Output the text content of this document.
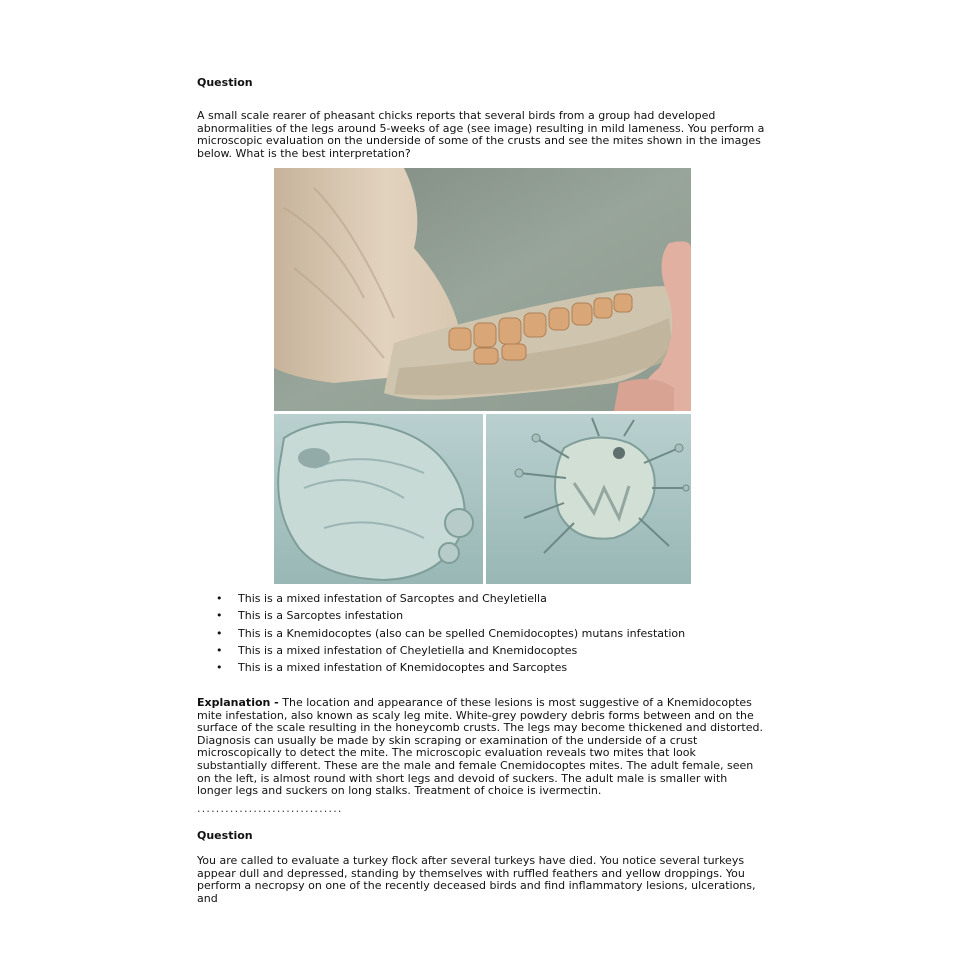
Question
A small scale rearer of pheasant chicks reports that several birds from a group had developed abnormalities of the legs around 5-weeks of age (see image) resulting in mild lameness. You perform a microscopic evaluation on the underside of some of the crusts and see the mites shown in the images below. What is the best interpretation?
• This is a mixed infestation of Sarcoptes and Cheyletiella
• This is a Sarcoptes infestation
• This is a Knemidocoptes (also can be spelled Cnemidocoptes) mutans infestation
• This is a mixed infestation of Cheyletiella and Knemidocoptes
• This is a mixed infestation of Knemidocoptes and Sarcoptes
Explanation - The location and appearance of these lesions is most suggestive of a Knemidocoptes mite infestation, also known as scaly leg mite. White-grey powdery debris forms between and on the surface of the scale resulting in the honeycomb crusts. The legs may become thickened and distorted. Diagnosis can usually be made by skin scraping or examination of the underside of a crust microscopically to detect the mite. The microscopic evaluation reveals two mites that look substantially different. These are the male and female Cnemidocoptes mites. The adult female, seen on the left, is almost round with short legs and devoid of suckers. The adult male is smaller with longer legs and suckers on long stalks. Treatment of choice is ivermectin.
...............................
Question
You are called to evaluate a turkey flock after several turkeys have died. You notice several turkeys appear dull and depressed, standing by themselves with ruffled feathers and yellow droppings. You perform a necropsy on one of the recently deceased birds and find inflammatory lesions, ulcerations, and
